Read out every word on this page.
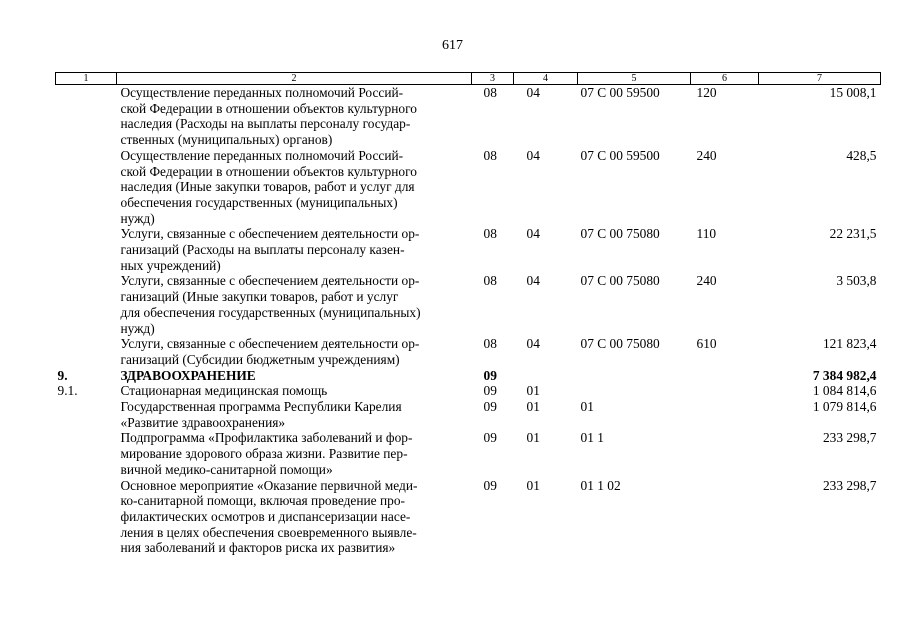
617
1	2	3	4	5	6	7
	Осуществление переданных полномочий Россий-
ской Федерации в отношении объектов культурного
наследия (Расходы на выплаты персоналу государ-
ственных (муниципальных) органов)	08	04	07 С 00 59500	120	15 008,1
	Осуществление переданных полномочий Россий-
ской Федерации в отношении объектов культурного
наследия (Иные закупки товаров, работ и услуг для
обеспечения государственных (муниципальных)
нужд)	08	04	07 С 00 59500	240	428,5
	Услуги, связанные с обеспечением деятельности ор-
ганизаций (Расходы на выплаты персоналу казен-
ных учреждений)	08	04	07 С 00 75080	110	22 231,5
	Услуги, связанные с обеспечением деятельности ор-
ганизаций (Иные закупки товаров, работ и услуг
для обеспечения государственных (муниципальных)
нужд)	08	04	07 С 00 75080	240	3 503,8
	Услуги, связанные с обеспечением деятельности ор-
ганизаций (Субсидии бюджетным учреждениям)	08	04	07 С 00 75080	610	121 823,4
9.	ЗДРАВООХРАНЕНИЕ	09				7 384 982,4
9.1.	Стационарная медицинская помощь	09	01			1 084 814,6
	Государственная программа Республики Карелия
«Развитие здравоохранения»	09	01	01		1 079 814,6
	Подпрограмма «Профилактика заболеваний и фор-
мирование здорового образа жизни. Развитие пер-
вичной медико-санитарной помощи»	09	01	01 1		233 298,7
	Основное мероприятие «Оказание первичной меди-
ко-санитарной помощи, включая проведение про-
филактических осмотров и диспансеризации насе-
ления в целях обеспечения своевременного выявле-
ния заболеваний и факторов риска их развития»	09	01	01 1 02		233 298,7
